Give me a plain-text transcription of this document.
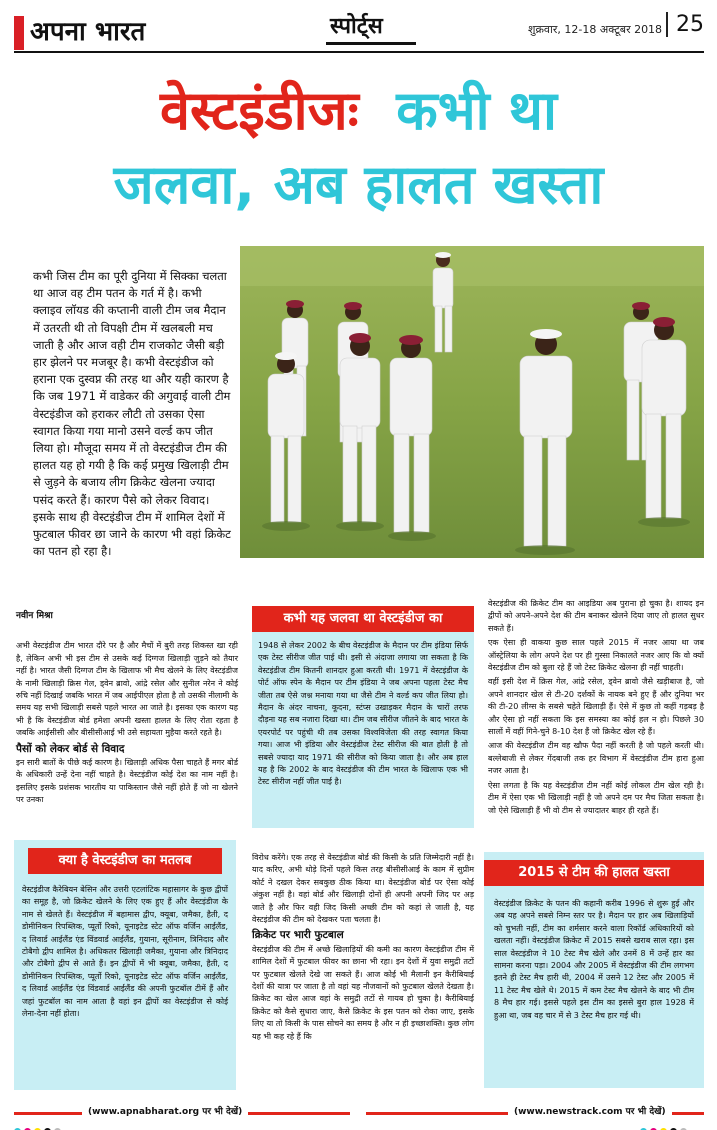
अपना भारत	स्पोर्ट्स	शुक्रवार, 12-18 अक्टूबर 2018 25
वेस्टइंडीजः कभी था
जलवा, अब हालत खस्ता
कभी जिस टीम का पूरी दुनिया में सिक्का चलता था आज वह टीम पतन के गर्त में है। कभी क्लाइव लॉयड की कप्तानी वाली टीम जब मैदान में उतरती थी तो विपक्षी टीम में खलबली मच जाती है और आज वही टीम राजकोट जैसी बड़ी हार झेलने पर मजबूर है। कभी वेस्टइंडीज को हराना एक दुस्वप्न की तरह था और यही कारण है कि जब 1971 में वाडेकर की अगुवाई वाली टीम वेस्टइंडीज को हराकर लौटी तो उसका ऐसा स्वागत किया गया मानो उसने वर्ल्ड कप जीत लिया हो। मौजूदा समय में तो वेस्टइंडीज टीम की हालत यह हो गयी है कि कई प्रमुख खिलाड़ी टीम से जुड़ने के बजाय लीग क्रिकेट खेलना ज्यादा पसंद करते हैं। कारण पैसे को लेकर विवाद। इसके साथ ही वेस्टइंडीज टीम में शामिल देशों में फुटबाल फीवर छा जाने के कारण भी वहां क्रिकेट का पतन हो रहा है।
नवीन मिश्रा

अभी वेस्टइंडीज टीम भारत दौरे पर है और मैचों में बुरी तरह शिकस्त खा रही है, लेकिन अभी भी इस टीम से उसके कई दिग्गज खिलाड़ी जुड़ने को तैयार नहीं है। भारत जैसी दिग्गज टीम के खिलाफ भी मैच खेलने के लिए वेस्टइंडीज के नामी खिलाड़ी क्रिस गेल, ड्वेन ब्रावो, आंद्रे रसेल और सुनील नरेन ने कोई रुचि नहीं दिखाई जबकि भारत में जब आईपीएल होता है तो उसकी नीलामी के समय यह सभी खिलाड़ी सबसे पहले भारत आ जाते है। इसका एक कारण यह भी है कि वेस्टइंडीज बोर्ड हमेशा अपनी खस्ता हालत के लिए रोता रहता है जबकि आईसीसी और बीसीसीआई भी उसे सहायता मुहैया करते रहते है।

पैसों को लेकर बोर्ड से विवाद

इन सारी बातों के पीछे कई कारण है। खिलाड़ी अधिक पैसा चाहते हैं मगर बोर्ड के अधिकारी उन्हें देना नहीं चाहते है। वेस्टइंडीज कोई देश का नाम नहीं है। इसलिए इसके प्रशंसक भारतीय या पाकिस्तान जैसे नहीं होते हैं जो ना खेलने पर उनका

कभी यह जलवा था वेस्टइंडीज का

1948 से लेकर 2002 के बीच वेस्टइंडीज के मैदान पर टीम इंडिया सिर्फ एक टेस्ट सीरीज जीत पाई थी। इसी से अंदाजा लगाया जा सकता है कि वेस्टइंडीज टीम कितनी शानदार हुआ करती थी। 1971 में वेस्टइंडीज के पोर्ट ऑफ स्पेन के मैदान पर टीम इंडिया ने जब अपना पहला टेस्ट मैच जीता तब ऐसे जश्न मनाया गया था जैसे टीम ने वर्ल्ड कप जीत लिया हो। मैदान के अंदर नाचना, कूदना, स्टंप्स उखाड़कर मैदान के चारों तरफ दौड़ना यह सब नजारा दिखा था। टीम जब सीरीज जीतने के बाद भारत के एयरपोर्ट पर पहुंची थी तब उसका विश्वविजेता की तरह स्वागत किया गया। आज भी इंडिया और वेस्टइंडीज टेस्ट सीरीज की बात होती है तो सबसे ज्यादा याद 1971 की सीरीज को किया जाता है। और अब हाल यह है कि 2002 के बाद वेस्टइंडीज की टीम भारत के खिलाफ एक भी टेस्ट सीरीज नहीं जीत पाई है।

वेस्टइंडीज की क्रिकेट टीम का आइडिया अब पुराना हो चुका है। शायद इन द्वीपों को अपने-अपने देश की टीम बनाकर खेलने दिया जाए तो हालत सुधर सकते हैं।

एक ऐसा ही वाकया कुछ साल पहले 2015 में नजर आया था जब ऑस्ट्रेलिया के लोग अपने देश पर ही गुस्सा निकालते नजर आए कि वो क्यों वेस्टइंडीज टीम को बुला रहे हैं जो टेस्ट क्रिकेट खेलना ही नहीं चाहती।

वहीं इसी देश में क्रिस गेल, आंद्रे रसेल, ड्वेन ब्रावो जैसे खड़ीबाज है, जो अपने शानदार खेल से टी-20 दर्शकों के नायक बने हुए हैं और दुनिया भर की टी-20 लीग्स के सबसे चहेते खिलाड़ी हैं। ऐसे में कुछ तो कहीं गड़बड़ है और ऐसा हो नहीं सकता कि इस समस्या का कोई हल न हो। पिछले 30 सालों में वहीं गिने-चुने 8-10 देश हैं जो क्रिकेट खेल रहे हैं।

आज की वेस्टइंडीज टीम वह खौफ पैदा नहीं करती है जो पहले करती थी। बल्लेबाजी से लेकर गेंदबाजी तक हर विभाग में वेस्टइंडीज टीम हारा हुआ नजर आता है।

ऐसा लगता है कि यह वेस्टइंडीज टीम नहीं कोई लोकल टीम खेल रही है। टीम में ऐसा एक भी खिलाड़ी नहीं है जो अपने दम पर मैच जिता सकता है। जो ऐसे खिलाड़ी हैं भी वो टीम से ज्यादातर बाहर ही रहते हैं।

क्या है वेस्टइंडीज का मतलब

वेस्टइंडीज कैरेबियन बेसिन और उत्तरी एटलांटिक महासागर के कुछ द्वीपों का समूह है, जो क्रिकेट खेलने के लिए एक हुए हैं और वेस्टइंडीज के नाम से खेलते हैं। वेस्टइंडीज में बहामास द्वीप, क्यूबा, जमैका, हैती, द डोमीनिकन रिपब्लिक, प्यूर्तो रिको, यूनाइटेड स्टेट ऑफ वर्जिन आईलैंड, द लिवार्ड आईलैंड एंड विंडवार्ड आईलैंड, गुयाना, सूरीनाम, त्रिनिदाद और टोबैगो द्वीप शामिल है। अधिकतर खिलाड़ी जमैका, गुयाना और त्रिनिदाद और टोबैगो द्वीप से आते हैं। इन द्वीपों में भी क्यूबा, जमैका, हैती, द डोमीनिकन रिपब्लिक, प्यूर्तो रिको, यूनाइटेड स्टेट ऑफ वर्जिन आईलैंड, द लिवार्ड आईलैंड एंड विंडवार्ड आईलैंड की अपनी फुटबॉल टीमें हैं और जहां फुटबॉल का नाम आता है वहां इन द्वीपों का वेस्टइंडीज से कोई लेना-देना नहीं होता।

विरोध करेंगे। एक तरह से वेस्टइंडीज बोर्ड की किसी के प्रति जिम्मेदारी नहीं है। याद करिए, अभी थोड़े दिनों पहले किस तरह बीसीसीआई के काम में सुप्रीम कोर्ट ने दखल देकर सबकुछ ठीक किया था। वेस्टइंडीज बोर्ड पर ऐसा कोई अंकुश नहीं है। वहां बोर्ड और खिलाड़ी दोनों ही अपनी अपनी जिद पर अड़ जाते है और फिर वही जिद किसी अच्छी टीम को कहां ले जाती है, यह वेस्टइंडीज की टीम को देखकर पता चलता है।

क्रिकेट पर भारी फुटबाल

वेस्टइंडीज की टीम में अच्छे खिलाड़ियों की कमी का कारण वेस्टइंडीज टीम में शामिल देशों में फुटबाल फीवर का छाना भी रहा। इन देशों में युवा समुद्री तटों पर फुटबाल खेलते देखे जा सकते हैं। आज कोई भी मैलानी इन कैरीबियाई देशों की यात्रा पर जाता है तो वहां यह नौजवानों को फुटबाल खेलते देखता है। क्रिकेट का खेल आज वहां के समुद्री तटों से गायब हो चुका है। कैरीबियाई क्रिकेट को कैसे सुधारा जाए, कैसे क्रिकेट के इस पतन को रोका जाए, इसके लिए या तो किसी के पास सोचने का समय है और न ही इच्छाशक्ति। कुछ लोग यह भी कह रहे हैं कि

2015 से टीम की हालत खस्ता

वेस्टइंडीज क्रिकेट के पतन की कहानी करीब 1996 से शुरू हुई और अब यह अपने सबसे निम्न स्तर पर है। मैदान पर हार अब खिलाड़ियों को चुभती नहीं, टीम का शर्मसार करने वाला रिकॉर्ड अधिकारियों को खलता नहीं। वेस्टइंडीज क्रिकेट में 2015 सबसे खराब साल रहा। इस साल वेस्टइंडीज ने 10 टेस्ट मैच खेले और उनमें 8 में उन्हें हार का सामना करना पड़ा। 2004 और 2005 में वेस्टइंडीज की टीम लगभग इतने ही टेस्ट मैच हारी थी, 2004 में उसने 12 टेस्ट और 2005 में 11 टेस्ट मैच खेले थे। 2015 में कम टेस्ट मैच खेलने के बाद भी टीम 8 मैच हार गई। इससे पहले इस टीम का इससे बुरा हाल 1928 में हुआ था, जब वह चार में से 3 टेस्ट मैच हार गई थी।

(www.apnabharat.org पर भी देखें)	(www.newstrack.com पर भी देखें)
